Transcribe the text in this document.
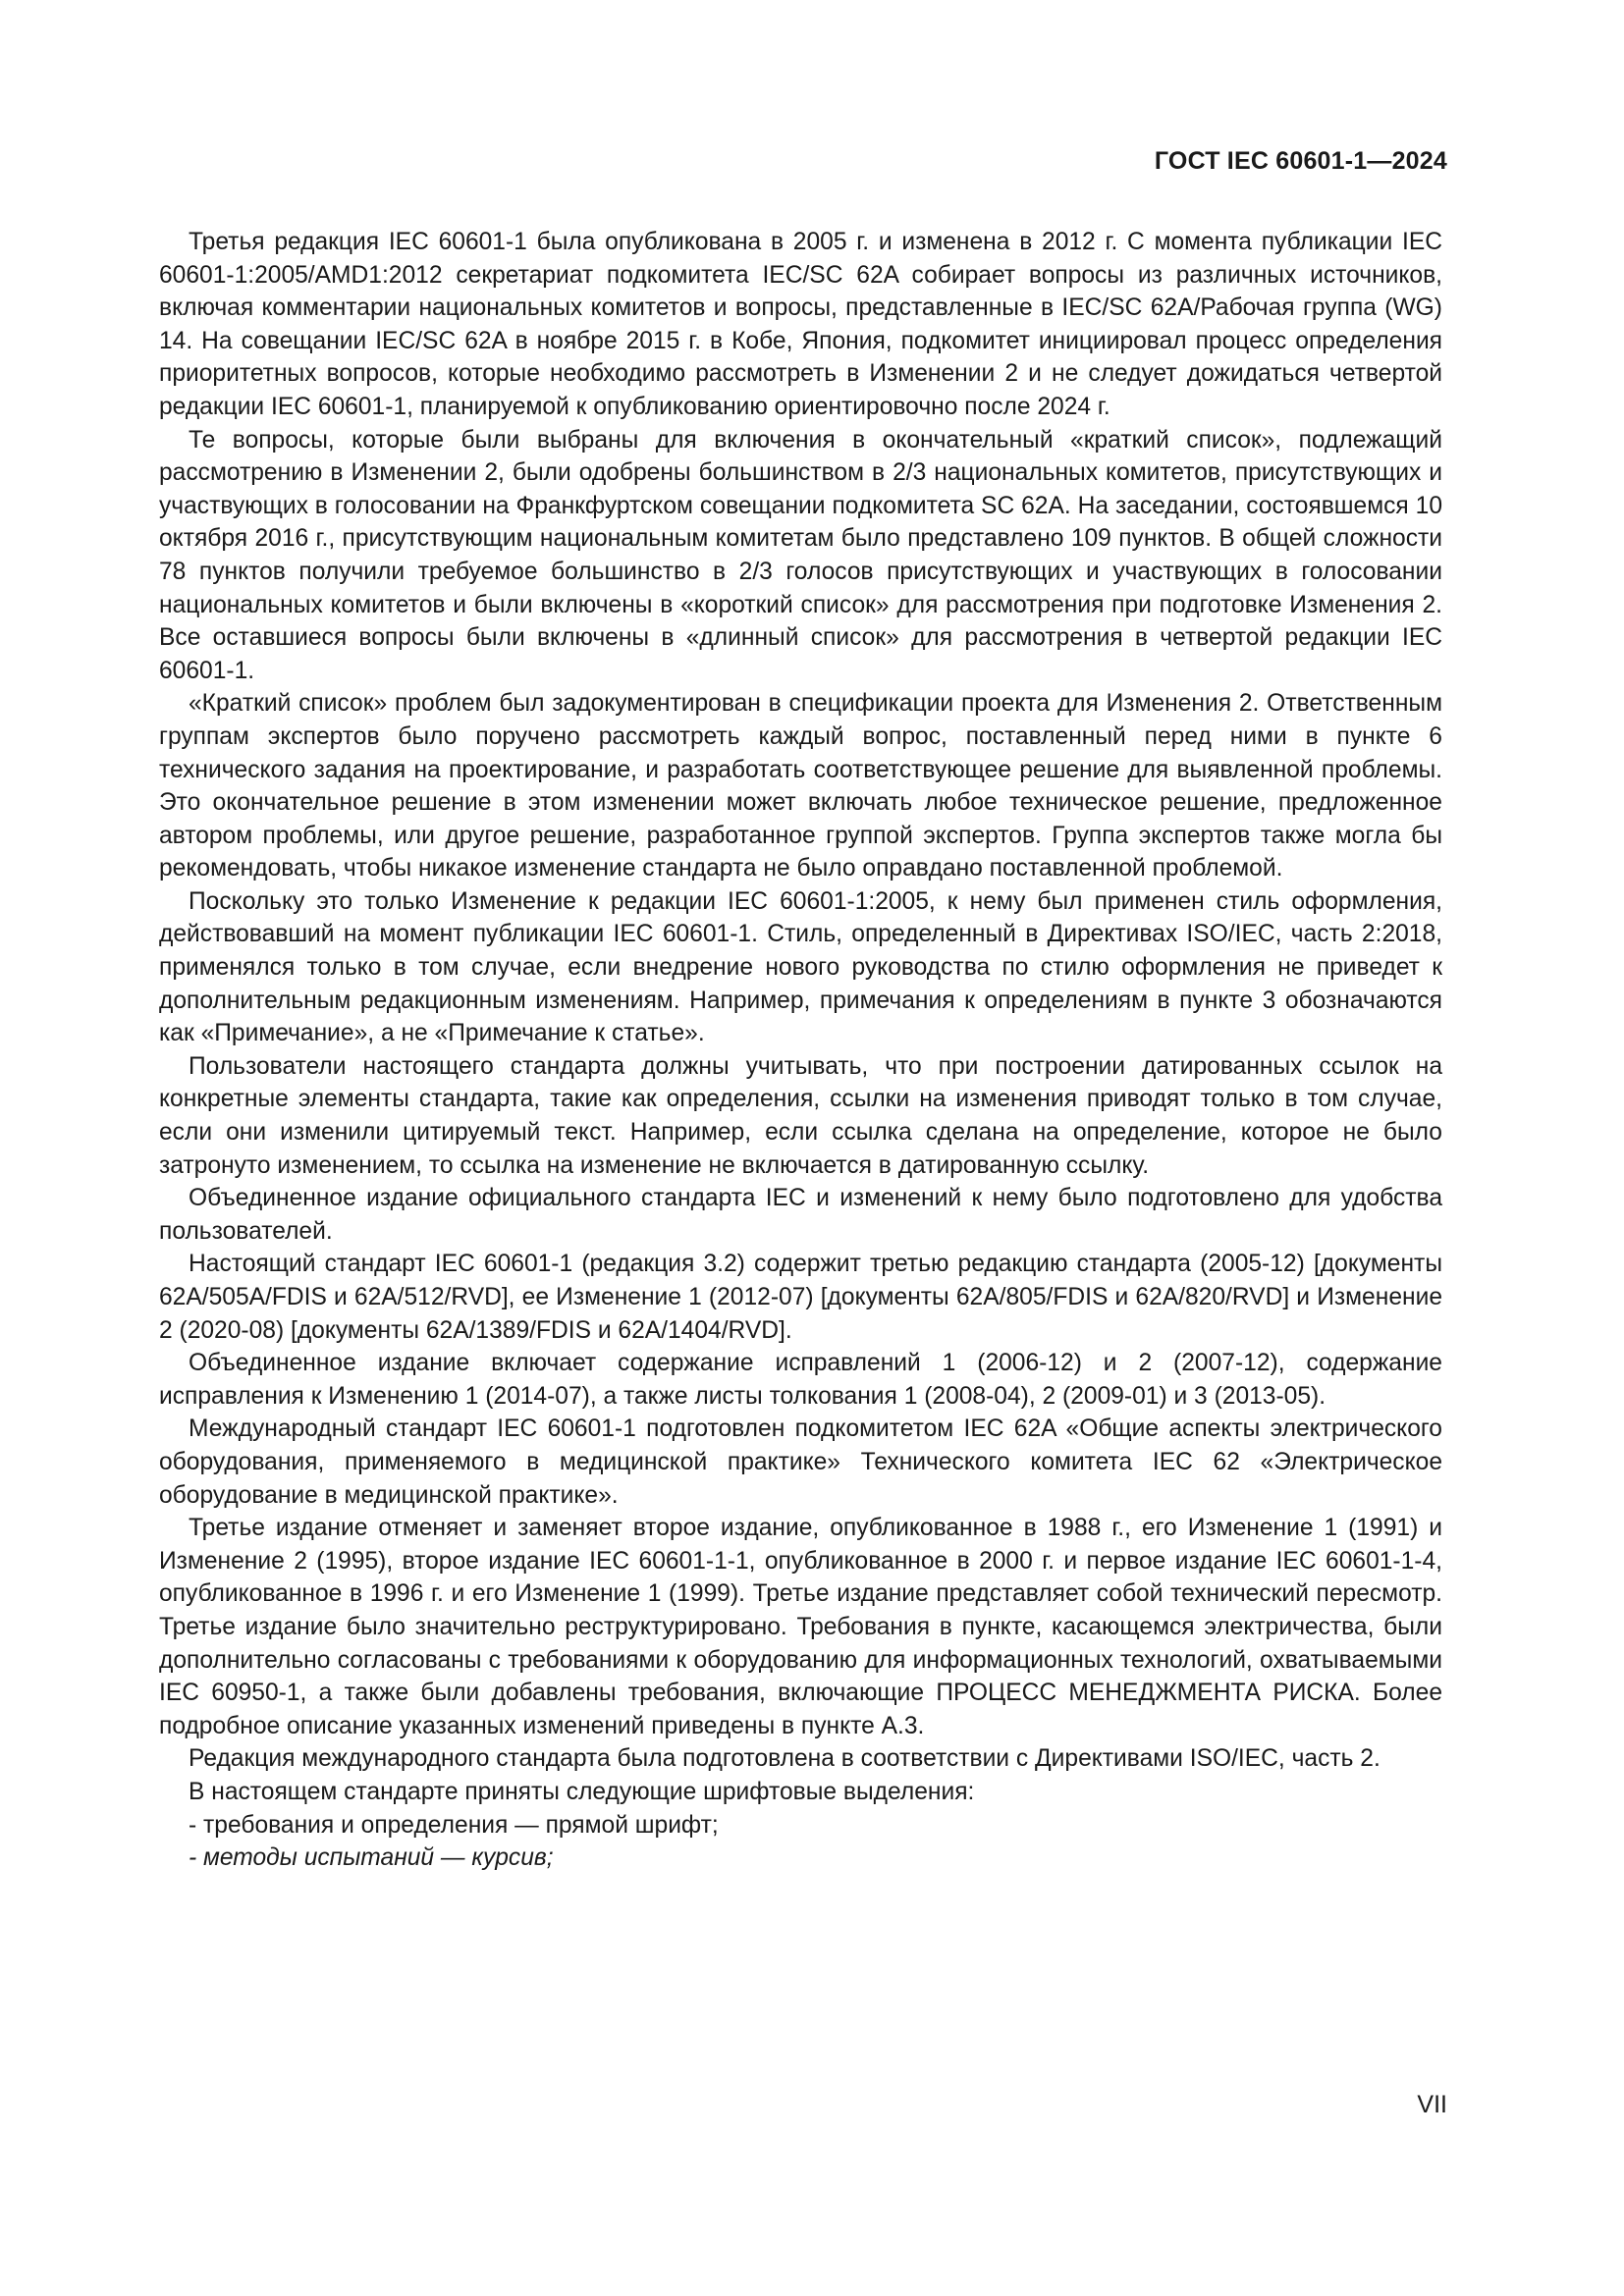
ГОСТ IEC 60601-1—2024

Третья редакция IEC 60601-1 была опубликована в 2005 г. и изменена в 2012 г. С момента публикации IEC 60601-1:2005/AMD1:2012 секретариат подкомитета IEC/SC 62A собирает вопросы из различных источников, включая комментарии национальных комитетов и вопросы, представленные в IEC/SC 62A/Рабочая группа (WG) 14. На совещании IEC/SC 62A в ноябре 2015 г. в Кобе, Япония, подкомитет инициировал процесс определения приоритетных вопросов, которые необходимо рассмотреть в Изменении 2 и не следует дожидаться четвертой редакции IEC 60601-1, планируемой к опубликованию ориентировочно после 2024 г.

Те вопросы, которые были выбраны для включения в окончательный «краткий список», подлежащий рассмотрению в Изменении 2, были одобрены большинством в 2/3 национальных комитетов, присутствующих и участвующих в голосовании на Франкфуртском совещании подкомитета SC 62A. На заседании, состоявшемся 10 октября 2016 г., присутствующим национальным комитетам было представлено 109 пунктов. В общей сложности 78 пунктов получили требуемое большинство в 2/3 голосов присутствующих и участвующих в голосовании национальных комитетов и были включены в «короткий список» для рассмотрения при подготовке Изменения 2. Все оставшиеся вопросы были включены в «длинный список» для рассмотрения в четвертой редакции IEC 60601-1.

«Краткий список» проблем был задокументирован в спецификации проекта для Изменения 2. Ответственным группам экспертов было поручено рассмотреть каждый вопрос, поставленный перед ними в пункте 6 технического задания на проектирование, и разработать соответствующее решение для выявленной проблемы. Это окончательное решение в этом изменении может включать любое техническое решение, предложенное автором проблемы, или другое решение, разработанное группой экспертов. Группа экспертов также могла бы рекомендовать, чтобы никакое изменение стандарта не было оправдано поставленной проблемой.

Поскольку это только Изменение к редакции IEC 60601-1:2005, к нему был применен стиль оформления, действовавший на момент публикации IEC 60601-1. Стиль, определенный в Директивах ISO/IEC, часть 2:2018, применялся только в том случае, если внедрение нового руководства по стилю оформления не приведет к дополнительным редакционным изменениям. Например, примечания к определениям в пункте 3 обозначаются как «Примечание», а не «Примечание к статье».

Пользователи настоящего стандарта должны учитывать, что при построении датированных ссылок на конкретные элементы стандарта, такие как определения, ссылки на изменения приводят только в том случае, если они изменили цитируемый текст. Например, если ссылка сделана на определение, которое не было затронуто изменением, то ссылка на изменение не включается в датированную ссылку.

Объединенное издание официального стандарта IEC и изменений к нему было подготовлено для удобства пользователей.

Настоящий стандарт IEC 60601-1 (редакция 3.2) содержит третью редакцию стандарта (2005-12) [документы 62A/505A/FDIS и 62A/512/RVD], ее Изменение 1 (2012-07) [документы 62A/805/FDIS и 62A/820/RVD] и Изменение 2 (2020-08) [документы 62A/1389/FDIS и 62A/1404/RVD].

Объединенное издание включает содержание исправлений 1 (2006-12) и 2 (2007-12), содержание исправления к Изменению 1 (2014-07), а также листы толкования 1 (2008-04), 2 (2009-01) и 3 (2013-05).

Международный стандарт IEC 60601-1 подготовлен подкомитетом IEC 62A «Общие аспекты электрического оборудования, применяемого в медицинской практике» Технического комитета IEC 62 «Электрическое оборудование в медицинской практике».

Третье издание отменяет и заменяет второе издание, опубликованное в 1988 г., его Изменение 1 (1991) и Изменение 2 (1995), второе издание IEC 60601-1-1, опубликованное в 2000 г. и первое издание IEC 60601-1-4, опубликованное в 1996 г. и его Изменение 1 (1999). Третье издание представляет собой технический пересмотр. Третье издание было значительно реструктурировано. Требования в пункте, касающемся электричества, были дополнительно согласованы с требованиями к оборудованию для информационных технологий, охватываемыми IEC 60950-1, а также были добавлены требования, включающие ПРОЦЕСС МЕНЕДЖМЕНТА РИСКА. Более подробное описание указанных изменений приведены в пункте А.3.

Редакция международного стандарта была подготовлена в соответствии с Директивами ISO/IEC, часть 2.

В настоящем стандарте приняты следующие шрифтовые выделения:

- требования и определения — прямой шрифт;
- методы испытаний — курсив;
VII
